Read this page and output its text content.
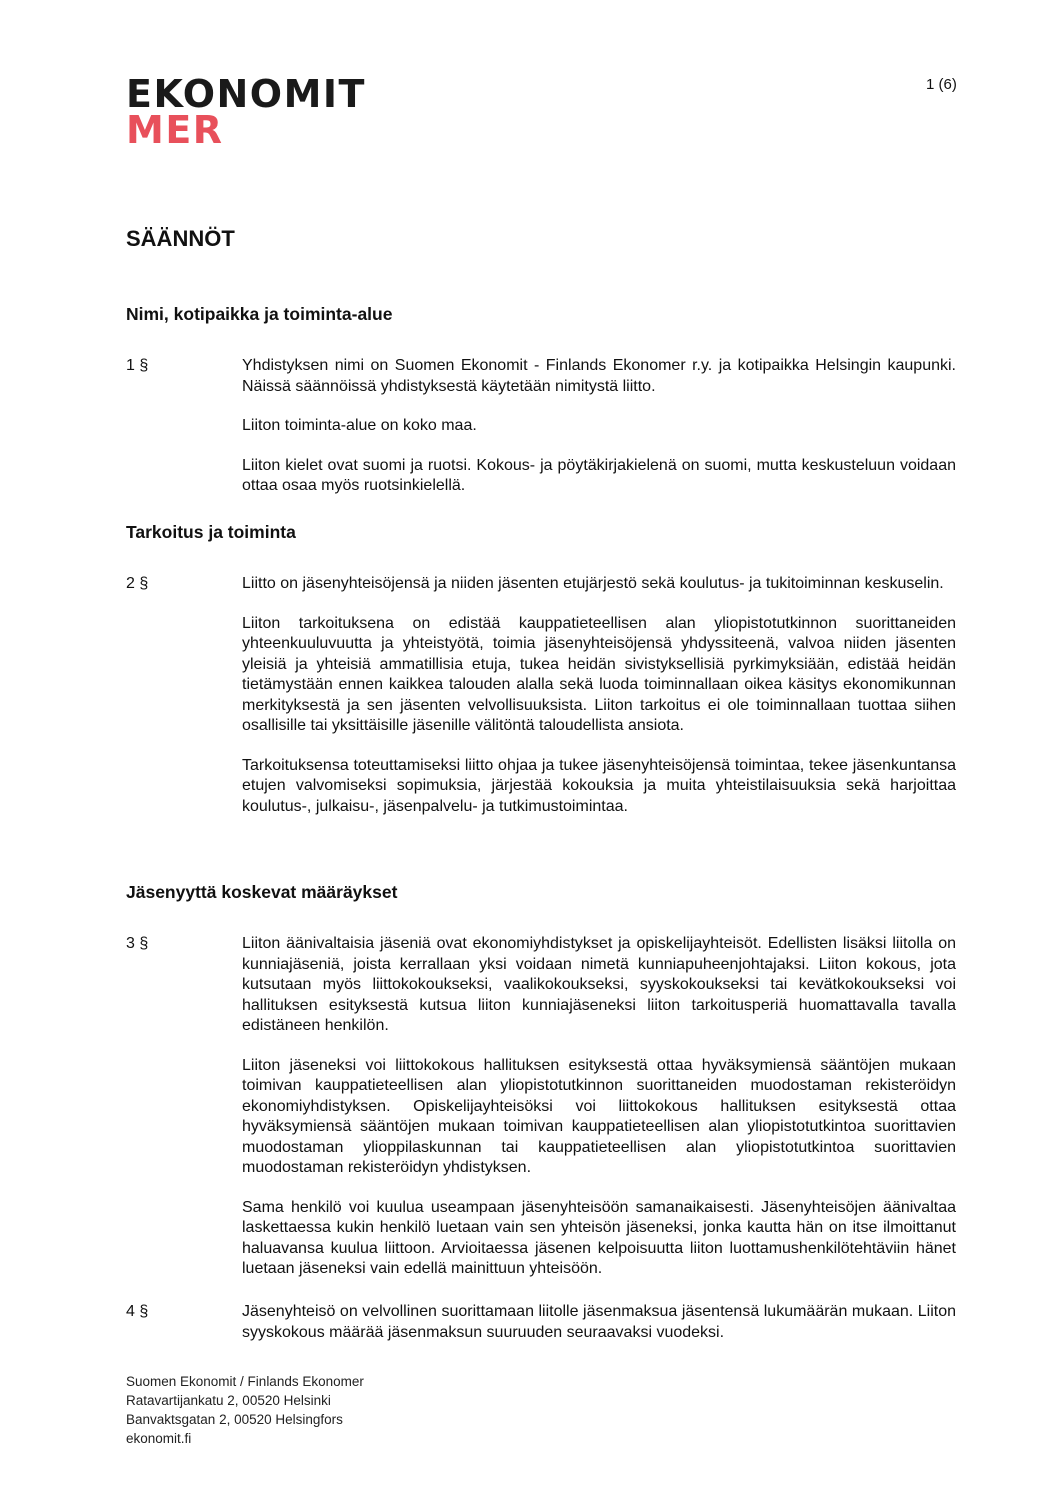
EKONOMIT
MER
1 (6)
SÄÄNNÖT
Nimi, kotipaikka ja toiminta-alue
1 §	Yhdistyksen nimi on Suomen Ekonomit - Finlands Ekonomer r.y. ja kotipaikka Helsingin kaupunki. Näissä säännöissä yhdistyksestä käytetään nimitystä liitto.

Liiton toiminta-alue on koko maa.

Liiton kielet ovat suomi ja ruotsi. Kokous- ja pöytäkirjakielenä on suomi, mutta keskusteluun voidaan ottaa osaa myös ruotsinkielellä.

Tarkoitus ja toiminta
2 §	Liitto on jäsenyhteisöjensä ja niiden jäsenten etujärjestö sekä koulutus- ja tukitoiminnan keskuselin.

Liiton tarkoituksena on edistää kauppatieteellisen alan yliopistotutkinnon suorittaneiden yhteenkuuluvuutta ja yhteistyötä, toimia jäsenyhteisöjensä yhdyssiteenä, valvoa niiden jäsenten yleisiä ja yhteisiä ammatillisia etuja, tukea heidän sivistyksellisiä pyrkimyksiään, edistää heidän tietämystään ennen kaikkea talouden alalla sekä luoda toiminnallaan oikea käsitys ekonomikunnan merkityksestä ja sen jäsenten velvollisuuksista. Liiton tarkoitus ei ole toiminnallaan tuottaa siihen osallisille tai yksittäisille jäsenille välitöntä taloudellista ansiota.

Tarkoituksensa toteuttamiseksi liitto ohjaa ja tukee jäsenyhteisöjensä toimintaa, tekee jäsenkuntansa etujen valvomiseksi sopimuksia, järjestää kokouksia ja muita yhteistilaisuuksia sekä harjoittaa koulutus-, julkaisu-, jäsenpalvelu- ja tutkimustoimintaa.

Jäsenyyttä koskevat määräykset
3 §	Liiton äänivaltaisia jäseniä ovat ekonomiyhdistykset ja opiskelijayhteisöt. Edellisten lisäksi liitolla on kunniajäseniä, joista kerrallaan yksi voidaan nimetä kunniapuheenjohtajaksi. Liiton kokous, jota kutsutaan myös liittokokoukseksi, vaalikokoukseksi, syyskokoukseksi tai kevätkokoukseksi voi hallituksen esityksestä kutsua liiton kunniajäseneksi liiton tarkoitusperiä huomattavalla tavalla edistäneen henkilön.

Liiton jäseneksi voi liittokokous hallituksen esityksestä ottaa hyväksymiensä sääntöjen mukaan toimivan kauppatieteellisen alan yliopistotutkinnon suorittaneiden muodostaman rekisteröidyn ekonomiyhdistyksen. Opiskelijayhteisöksi voi liittokokous hallituksen esityksestä ottaa hyväksymiensä sääntöjen mukaan toimivan kauppatieteellisen alan yliopistotutkintoa suorittavien muodostaman ylioppilaskunnan tai kauppatieteellisen alan yliopistotutkintoa suorittavien muodostaman rekisteröidyn yhdistyksen.

Sama henkilö voi kuulua useampaan jäsenyhteisöön samanaikaisesti. Jäsenyhteisöjen äänivaltaa laskettaessa kukin henkilö luetaan vain sen yhteisön jäseneksi, jonka kautta hän on itse ilmoittanut haluavansa kuulua liittoon. Arvioitaessa jäsenen kelpoisuutta liiton luottamushenkilötehtäviin hänet luetaan jäseneksi vain edellä mainittuun yhteisöön.

4 §	Jäsenyhteisö on velvollinen suorittamaan liitolle jäsenmaksua jäsentensä lukumäärän mukaan. Liiton syyskokous määrää jäsenmaksun suuruuden seuraavaksi vuodeksi.

Suomen Ekonomit / Finlands Ekonomer
Ratavartijankatu 2, 00520 Helsinki
Banvaktsgatan 2, 00520 Helsingfors
ekonomit.fi
